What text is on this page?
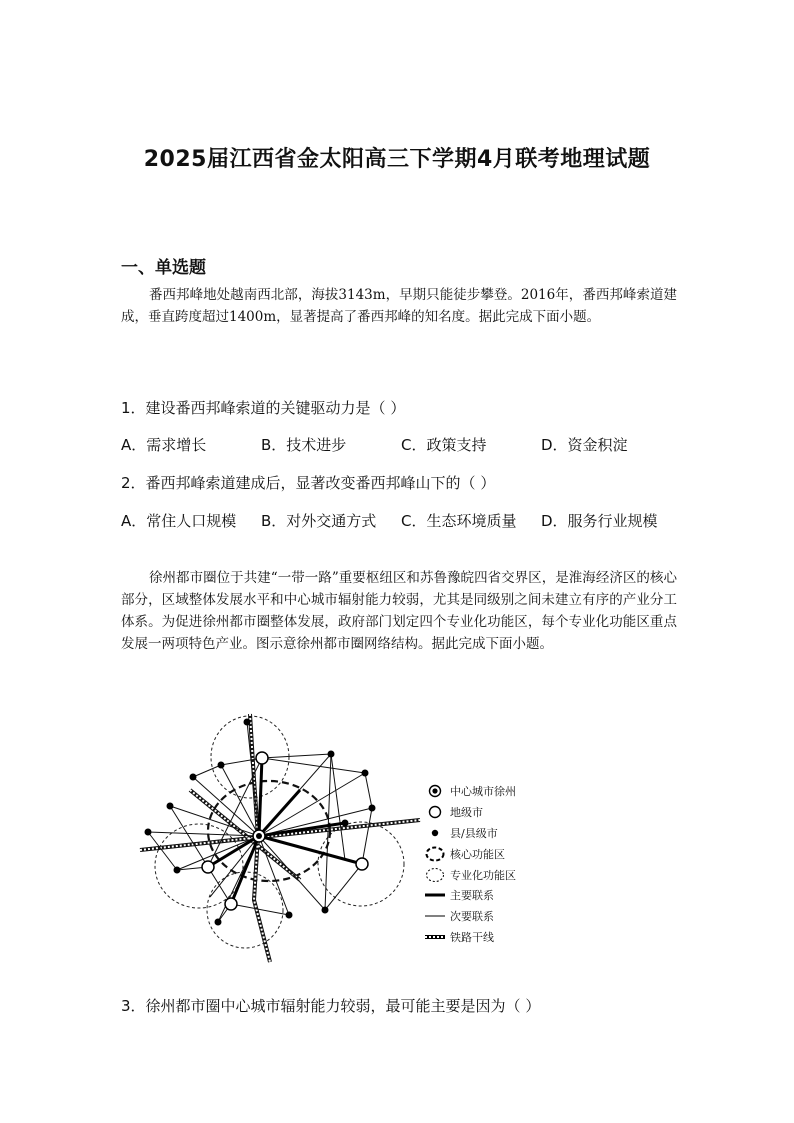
2025届江西省金太阳高三下学期4月联考地理试题
一、单选题
番西邦峰地处越南西北部，海拔3143m，早期只能徒步攀登。2016年，番西邦峰索道建成，垂直跨度超过1400m，显著提高了番西邦峰的知名度。据此完成下面小题。
1．建设番西邦峰索道的关键驱动力是（ ）
A．需求增长	B．技术进步	C．政策支持	D．资金积淀
2．番西邦峰索道建成后，显著改变番西邦峰山下的（ ）
A．常住人口规模	B．对外交通方式	C．生态环境质量	D．服务行业规模
徐州都市圈位于共建“一带一路”重要枢纽区和苏鲁豫皖四省交界区，是淮海经济区的核心部分，区域整体发展水平和中心城市辐射能力较弱，尤其是同级别之间未建立有序的产业分工体系。为促进徐州都市圈整体发展，政府部门划定四个专业化功能区，每个专业化功能区重点发展一两项特色产业。图示意徐州都市圈网络结构。据此完成下面小题。
中心城市徐州
地级市
县/县级市
核心功能区
专业化功能区
主要联系
次要联系
铁路干线
3．徐州都市圈中心城市辐射能力较弱，最可能主要是因为（ ）
